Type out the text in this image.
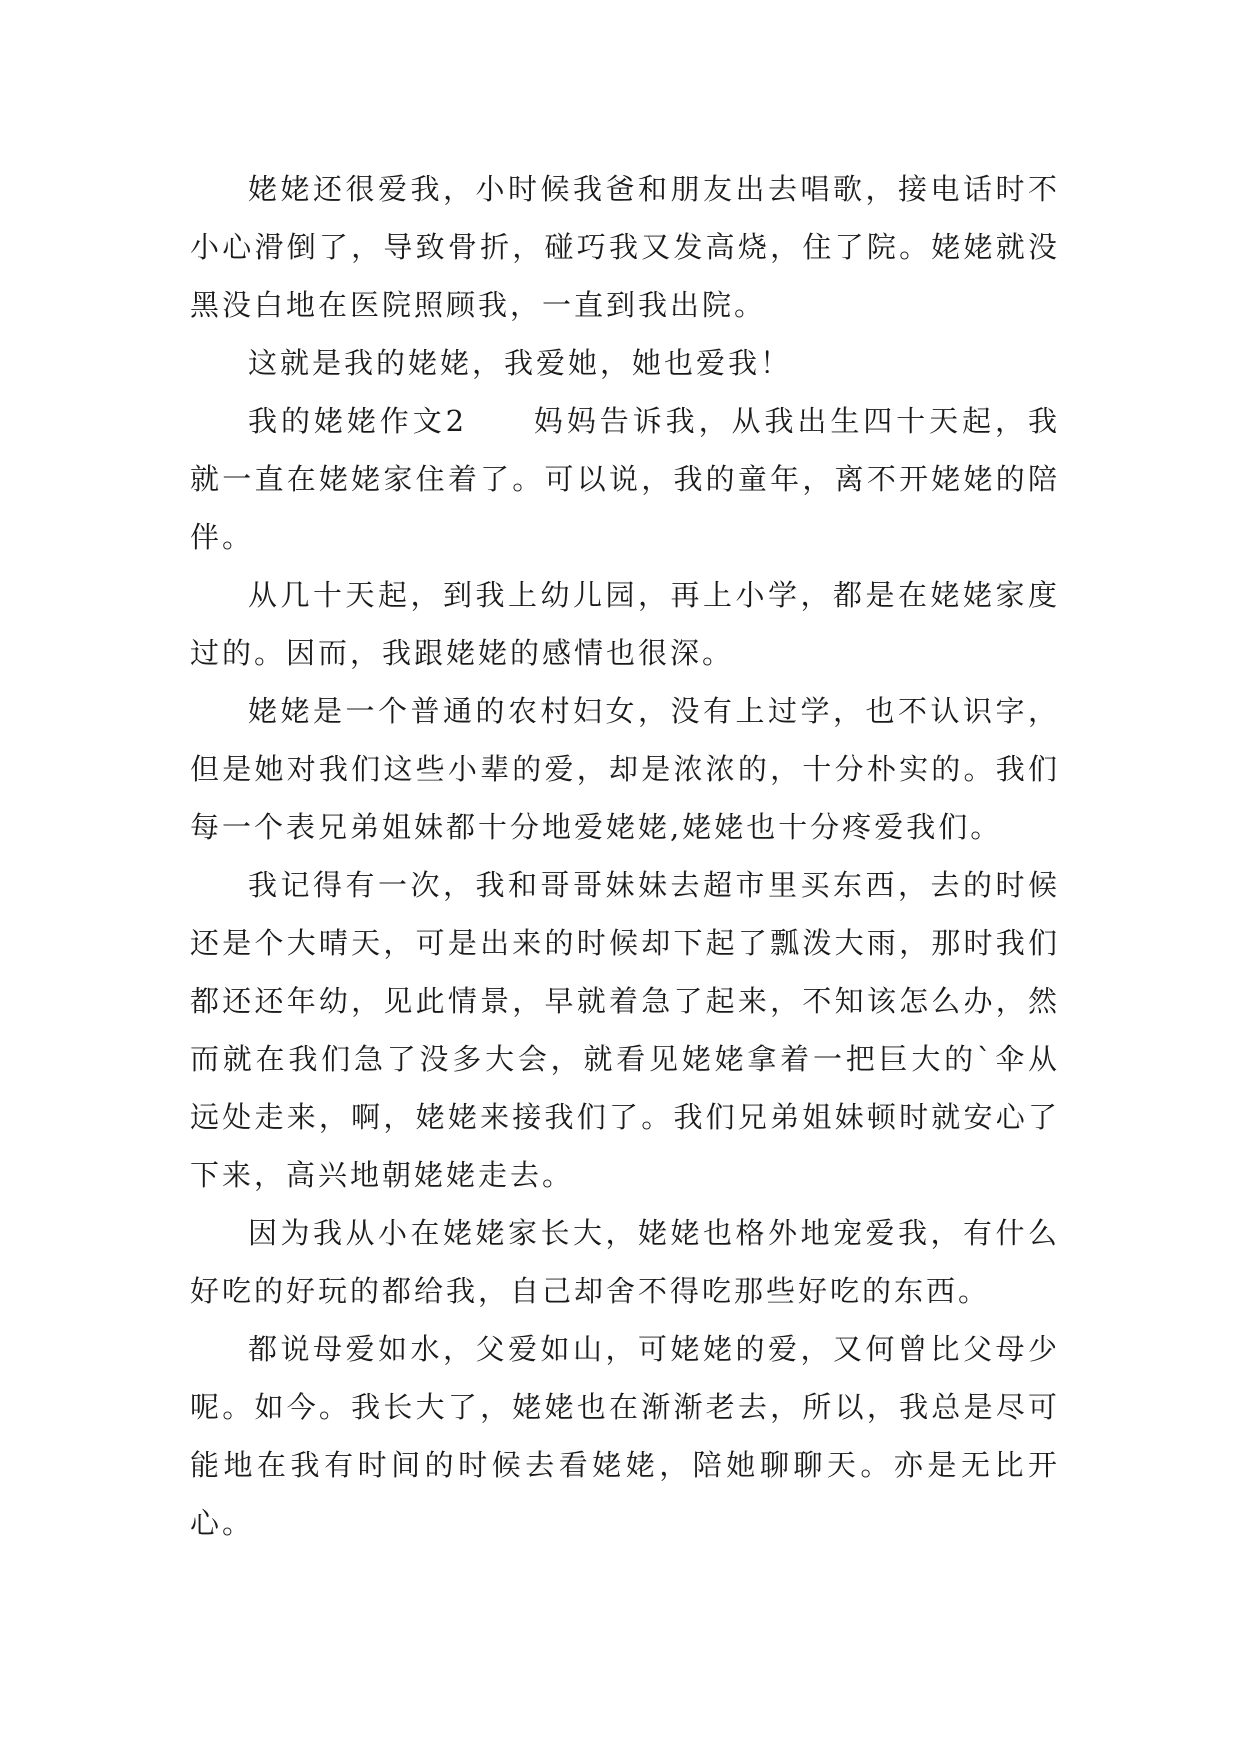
姥姥还很爱我，小时候我爸和朋友出去唱歌，接电话时不小心滑倒了，导致骨折，碰巧我又发高烧，住了院。姥姥就没黑没白地在医院照顾我，一直到我出院。

这就是我的姥姥，我爱她，她也爱我！

我的姥姥作文2　　妈妈告诉我，从我出生四十天起，我就一直在姥姥家住着了。可以说，我的童年，离不开姥姥的陪伴。

从几十天起，到我上幼儿园，再上小学，都是在姥姥家度过的。因而，我跟姥姥的感情也很深。

姥姥是一个普通的农村妇女，没有上过学，也不认识字，但是她对我们这些小辈的爱，却是浓浓的，十分朴实的。我们每一个表兄弟姐妹都十分地爱姥姥,姥姥也十分疼爱我们。

我记得有一次，我和哥哥妹妹去超市里买东西，去的时候还是个大晴天，可是出来的时候却下起了瓢泼大雨，那时我们都还还年幼，见此情景，早就着急了起来，不知该怎么办，然而就在我们急了没多大会，就看见姥姥拿着一把巨大的`伞从远处走来，啊，姥姥来接我们了。我们兄弟姐妹顿时就安心了下来，高兴地朝姥姥走去。

因为我从小在姥姥家长大，姥姥也格外地宠爱我，有什么好吃的好玩的都给我，自己却舍不得吃那些好吃的东西。

都说母爱如水，父爱如山，可姥姥的爱，又何曾比父母少呢。如今。我长大了，姥姥也在渐渐老去，所以，我总是尽可能地在我有时间的时候去看姥姥，陪她聊聊天。亦是无比开心。
